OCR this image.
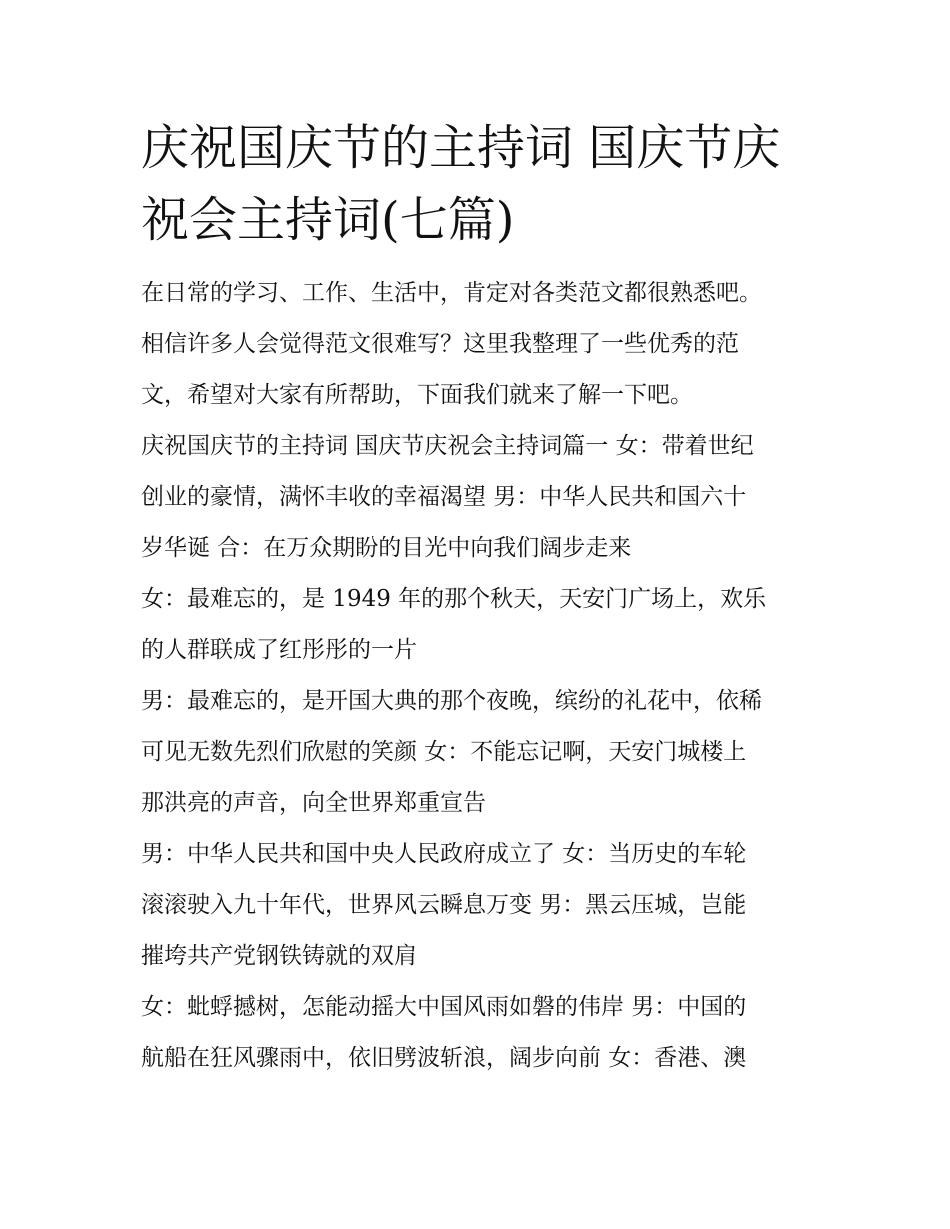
庆祝国庆节的主持词 国庆节庆
祝会主持词(七篇)
在日常的学习、工作、生活中，肯定对各类范文都很熟悉吧。
相信许多人会觉得范文很难写？这里我整理了一些优秀的范
文，希望对大家有所帮助，下面我们就来了解一下吧。
庆祝国庆节的主持词 国庆节庆祝会主持词篇一 女：带着世纪
创业的豪情，满怀丰收的幸福渴望 男：中华人民共和国六十
岁华诞 合：在万众期盼的目光中向我们阔步走来
女：最难忘的，是 1949 年的那个秋天，天安门广场上，欢乐
的人群联成了红彤彤的一片
男：最难忘的，是开国大典的那个夜晚，缤纷的礼花中，依稀
可见无数先烈们欣慰的笑颜 女：不能忘记啊，天安门城楼上
那洪亮的声音，向全世界郑重宣告
男：中华人民共和国中央人民政府成立了 女：当历史的车轮
滚滚驶入九十年代，世界风云瞬息万变 男：黑云压城，岂能
摧垮共产党钢铁铸就的双肩
女：蚍蜉撼树，怎能动摇大中国风雨如磐的伟岸 男：中国的
航船在狂风骤雨中，依旧劈波斩浪，阔步向前 女：香港、澳
